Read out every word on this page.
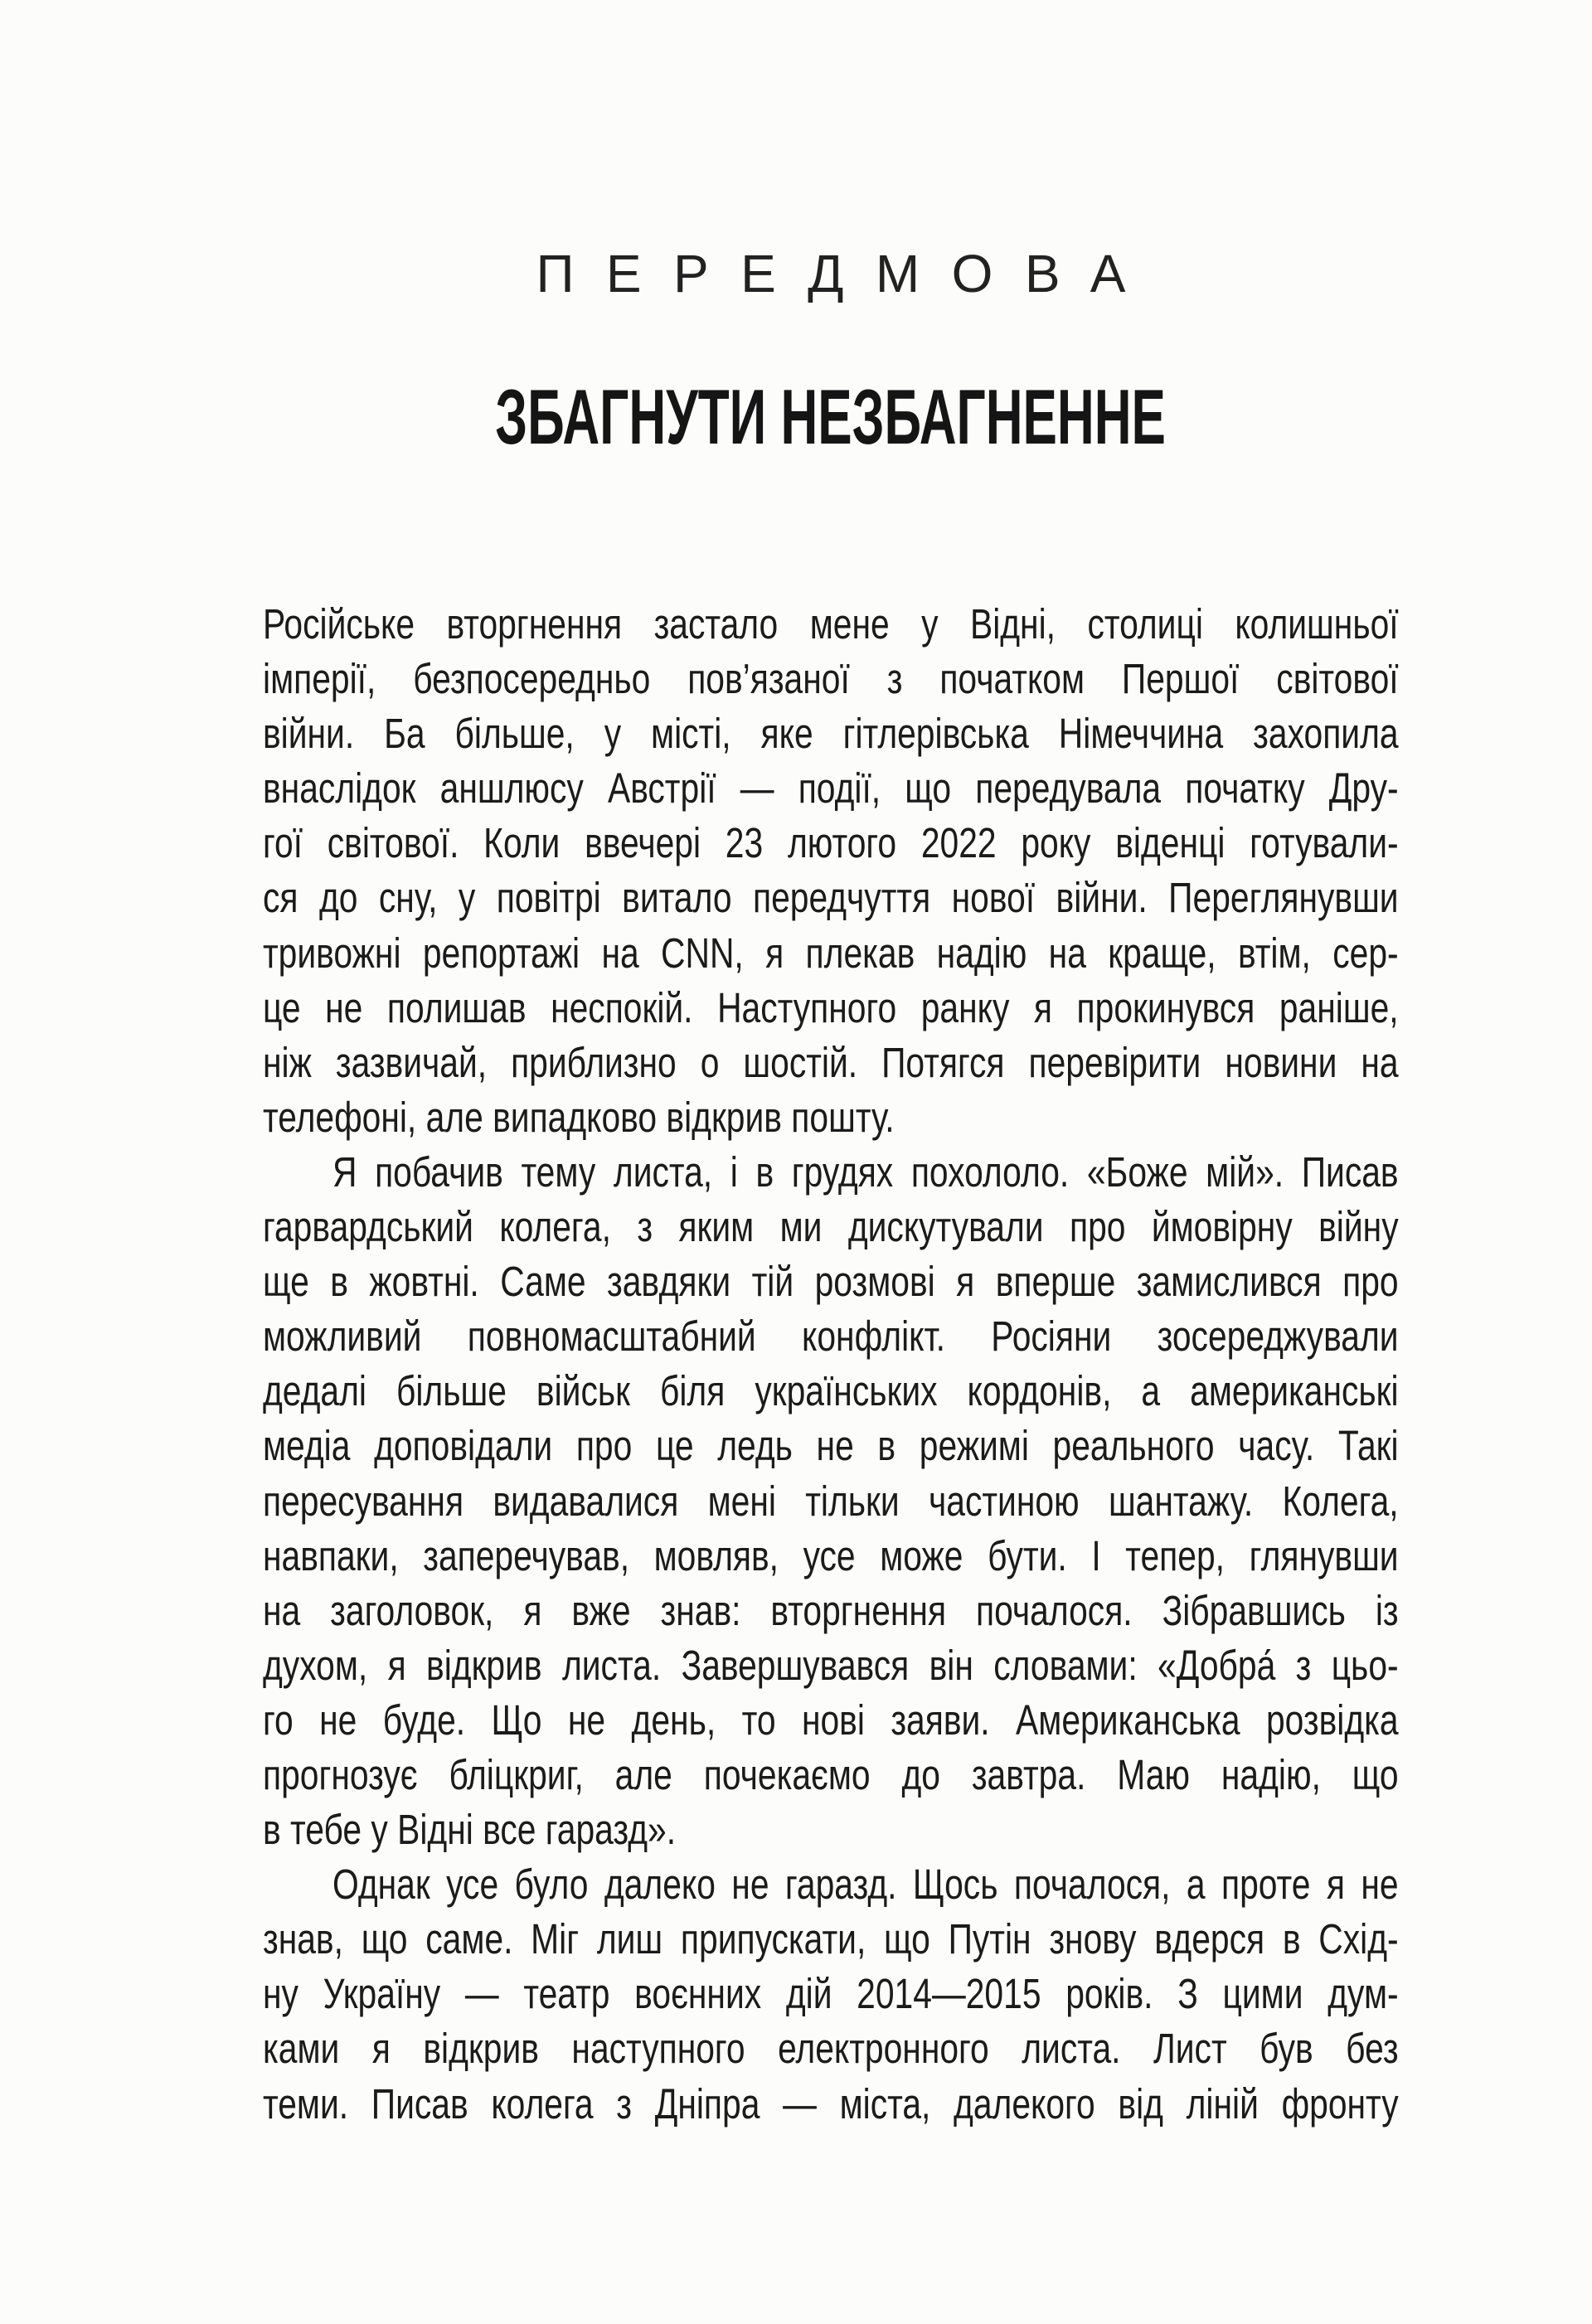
ПЕРЕДМОВА
ЗБАГНУТИ НЕЗБАГНЕННЕ
Російське вторгнення застало мене у Відні, столиці колишньої
імперії, безпосередньо пов’язаної з початком Першої світової
війни. Ба більше, у місті, яке гітлерівська Німеччина захопила
внаслідок аншлюсу Австрії — події, що передувала початку Дру-
гої світової. Коли ввечері 23 лютого 2022 року віденці готували-
ся до сну, у повітрі витало передчуття нової війни. Переглянувши
тривожні репортажі на CNN, я плекав надію на краще, втім, сер-
це не полишав неспокій. Наступного ранку я прокинувся раніше,
ніж зазвичай, приблизно о шостій. Потягся перевірити новини на
телефоні, але випадково відкрив пошту.
Я побачив тему листа, і в грудях похололо. «Боже мій». Писав
гарвардський колега, з яким ми дискутували про ймовірну війну
ще в жовтні. Саме завдяки тій розмові я вперше замислився про
можливий повномасштабний конфлікт. Росіяни зосереджували
дедалі більше військ біля українських кордонів, а американські
медіа доповідали про це ледь не в режимі реального часу. Такі
пересування видавалися мені тільки частиною шантажу. Колега,
навпаки, заперечував, мовляв, усе може бути. І тепер, глянувши
на заголовок, я вже знав: вторгнення почалося. Зібравшись із
духом, я відкрив листа. Завершувався він словами: «Добра́ з цьо-
го не буде. Що не день, то нові заяви. Американська розвідка
прогнозує бліцкриг, але почекаємо до завтра. Маю надію, що
в тебе у Відні все гаразд».
Однак усе було далеко не гаразд. Щось почалося, а проте я не
знав, що саме. Міг лиш припускати, що Путін знову вдерся в Схід-
ну Україну — театр воєнних дій 2014—2015 років. З цими дум-
ками я відкрив наступного електронного листа. Лист був без
теми. Писав колега з Дніпра — міста, далекого від ліній фронту
